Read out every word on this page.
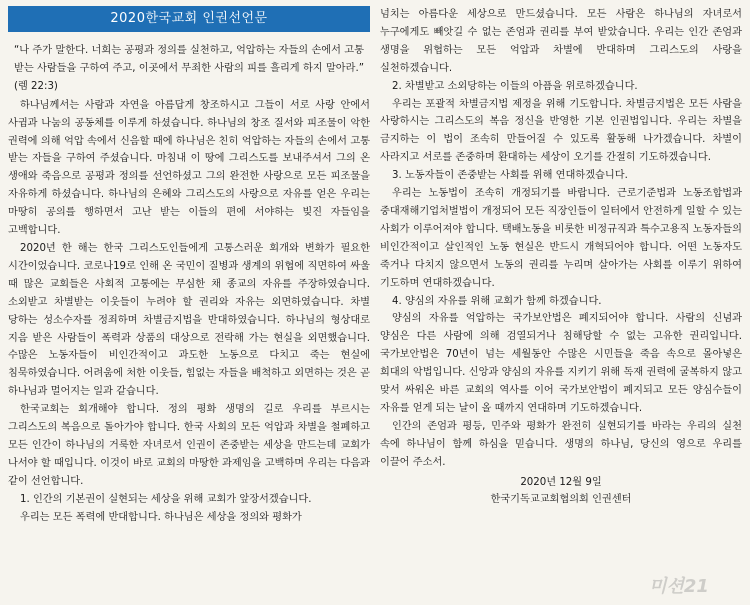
2020한국교회 인권선언문

“나 주가 말한다. 너희는 공평과 정의를 실천하고, 억압하는 자들의 손에서 고통 받는 사람들을 구하여 주고, 이곳에서 무죄한 사람의 피를 흘리게 하지 말아라.” (렘 22:3)

하나님께서는 사람과 자연을 아름답게 창조하시고 그들이 서로 사랑 안에서 사귐과 나눔의 공동체를 이루게 하셨습니다. 하나님의 창조 질서와 피조물이 악한 권력에 의해 억압 속에서 신음할 때에 하나님은 친히 억압하는 자들의 손에서 고통 받는 자들을 구하여 주셨습니다. 마침내 이 땅에 그리스도를 보내주셔서 그의 온 생애와 죽음으로 공평과 정의를 선언하셨고 그의 완전한 사랑으로 모든 피조물을 자유하게 하셨습니다. 하나님의 은혜와 그리스도의 사랑으로 자유를 얻은 우리는 마땅히 공의를 행하면서 고난 받는 이들의 편에 서야하는 빚진 자들임을 고백합니다.

2020년 한 해는 한국 그리스도인들에게 고통스러운 회개와 변화가 필요한 시간이었습니다. 코로나19로 인해 온 국민이 질병과 생계의 위협에 직면하여 싸울 때 많은 교회들은 사회적 고통에는 무심한 채 종교의 자유를 주장하였습니다. 소외받고 차별받는 이웃들이 누려야 할 권리와 자유는 외면하였습니다. 차별 당하는 성소수자를 정죄하며 차별금지법을 반대하였습니다. 하나님의 형상대로 지음 받은 사람들이 폭력과 상품의 대상으로 전락해 가는 현실을 외면했습니다. 수많은 노동자들이 비인간적이고 과도한 노동으로 다치고 죽는 현실에 침묵하였습니다. 어려움에 처한 이웃들, 힘없는 자들을 배척하고 외면하는 것은 곧 하나님과 멀어지는 일과 같습니다.

한국교회는 회개해야 합니다. 정의 평화 생명의 길로 우리를 부르시는 그리스도의 복음으로 돌아가야 합니다. 한국 사회의 모든 억압과 차별을 철폐하고 모든 인간이 하나님의 거룩한 자녀로서 인권이 존중받는 세상을 만드는데 교회가 나서야 할 때입니다. 이것이 바로 교회의 마땅한 과제임을 고백하며 우리는 다음과 같이 선언합니다.

1. 인간의 기본권이 실현되는 세상을 위해 교회가 앞장서겠습니다.

우리는 모든 폭력에 반대합니다. 하나님은 세상을 정의와 평화가

넘치는 아름다운 세상으로 만드셨습니다. 모든 사람은 하나님의 자녀로서 누구에게도 빼앗길 수 없는 존엄과 권리를 부여 받았습니다. 우리는 인간 존엄과 생명을 위협하는 모든 억압과 차별에 반대하며 그리스도의 사랑을 실천하겠습니다.

2. 차별받고 소외당하는 이들의 아픔을 위로하겠습니다.

우리는 포괄적 차별금지법 제정을 위해 기도합니다. 차별금지법은 모든 사람을 사랑하시는 그리스도의 복음 정신을 반영한 기본 인권법입니다. 우리는 차별을 금지하는 이 법이 조속히 만들어질 수 있도록 활동해 나가겠습니다. 차별이 사라지고 서로를 존중하며 환대하는 세상이 오기를 간절히 기도하겠습니다.

3. 노동자들이 존중받는 사회를 위해 연대하겠습니다.

우리는 노동법이 조속히 개정되기를 바랍니다. 근로기준법과 노동조합법과 중대재해기업처벌법이 개정되어 모든 직장인들이 일터에서 안전하게 일할 수 있는 사회가 이루어져야 합니다. 택배노동을 비롯한 비정규직과 특수고용직 노동자들의 비인간적이고 살인적인 노동 현실은 반드시 개혁되어야 합니다. 어떤 노동자도 죽거나 다치지 않으면서 노동의 권리를 누리며 살아가는 사회를 이루기 위하여 기도하며 연대하겠습니다.

4. 양심의 자유를 위해 교회가 함께 하겠습니다.

양심의 자유를 억압하는 국가보안법은 폐지되어야 합니다. 사람의 신념과 양심은 다른 사람에 의해 검열되거나 침해당할 수 없는 고유한 권리입니다. 국가보안법은 70년이 넘는 세월동안 수많은 시민들을 죽음 속으로 몰아넣은 희대의 악법입니다. 신앙과 양심의 자유를 지키기 위해 독재 권력에 굴복하지 않고 맞서 싸워온 바른 교회의 역사를 이어 국가보안법이 폐지되고 모든 양심수들이 자유를 얻게 되는 날이 올 때까지 연대하며 기도하겠습니다.

인간의 존엄과 평등, 민주와 평화가 완전히 실현되기를 바라는 우리의 실천 속에 하나님이 함께 하심을 믿습니다. 생명의 하나님, 당신의 영으로 우리를 이끌어 주소서.

2020년 12월 9일
한국기독교교회협의회 인권센터
미션21
